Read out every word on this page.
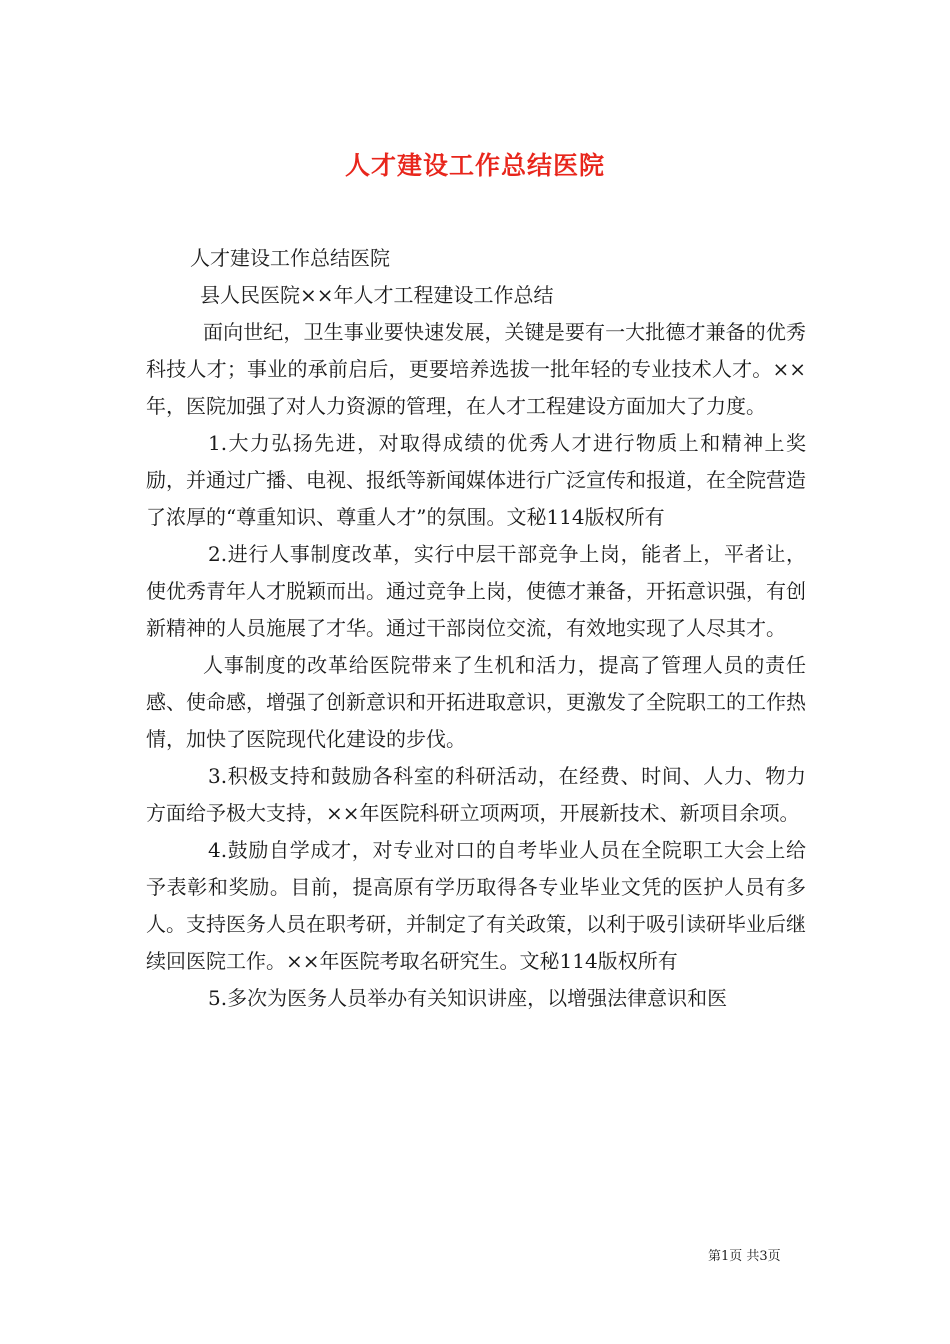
人才建设工作总结医院

人才建设工作总结医院

县人民医院××年人才工程建设工作总结

面向世纪，卫生事业要快速发展，关键是要有一大批德才兼备的优秀科技人才；事业的承前启后，更要培养选拔一批年轻的专业技术人才。××年，医院加强了对人力资源的管理，在人才工程建设方面加大了力度。

1.大力弘扬先进，对取得成绩的优秀人才进行物质上和精神上奖励，并通过广播、电视、报纸等新闻媒体进行广泛宣传和报道，在全院营造了浓厚的“尊重知识、尊重人才”的氛围。文秘114版权所有

2.进行人事制度改革，实行中层干部竞争上岗，能者上，平者让，使优秀青年人才脱颖而出。通过竞争上岗，使德才兼备，开拓意识强，有创新精神的人员施展了才华。通过干部岗位交流，有效地实现了人尽其才。

人事制度的改革给医院带来了生机和活力，提高了管理人员的责任感、使命感，增强了创新意识和开拓进取意识，更激发了全院职工的工作热情，加快了医院现代化建设的步伐。

3.积极支持和鼓励各科室的科研活动，在经费、时间、人力、物力方面给予极大支持，××年医院科研立项两项，开展新技术、新项目余项。

4.鼓励自学成才，对专业对口的自考毕业人员在全院职工大会上给予表彰和奖励。目前，提高原有学历取得各专业毕业文凭的医护人员有多人。支持医务人员在职考研，并制定了有关政策，以利于吸引读研毕业后继续回医院工作。××年医院考取名研究生。文秘114版权所有

5.多次为医务人员举办有关知识讲座，以增强法律意识和医

第1页 共3页
